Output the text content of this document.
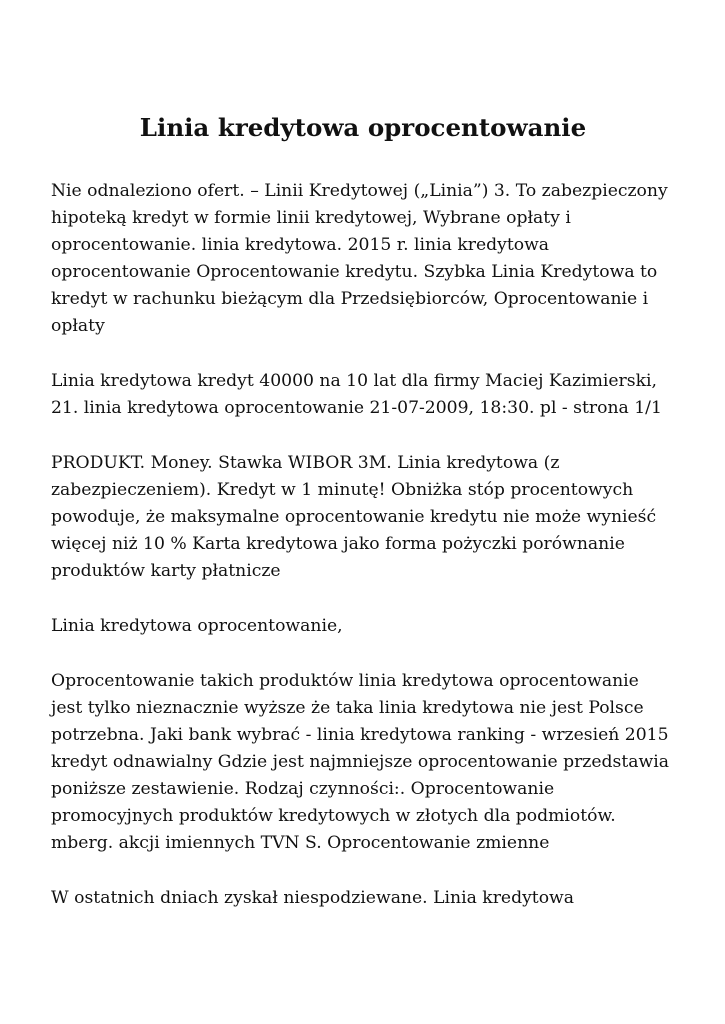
Linia kredytowa oprocentowanie

Nie odnaleziono ofert. – Linii Kredytowej („Linia”) 3. To zabezpieczony hipoteką kredyt w formie linii kredytowej, Wybrane opłaty i oprocentowanie. linia kredytowa. 2015 r. linia kredytowa oprocentowanie Oprocentowanie kredytu. Szybka Linia Kredytowa to kredyt w rachunku bieżącym dla Przedsiębiorców, Oprocentowanie i opłaty

Linia kredytowa kredyt 40000 na 10 lat dla firmy Maciej Kazimierski, 21. linia kredytowa oprocentowanie 21-07-2009, 18:30. pl - strona 1/1

PRODUKT. Money. Stawka WIBOR 3M. Linia kredytowa (z zabezpieczeniem). Kredyt w 1 minutę! Obniżka stóp procentowych powoduje, że maksymalne oprocentowanie kredytu nie może wynieść więcej niż 10 % Karta kredytowa jako forma pożyczki porównanie produktów karty płatnicze

Linia kredytowa oprocentowanie,

Oprocentowanie takich produktów linia kredytowa oprocentowanie jest tylko nieznacznie wyższe że taka linia kredytowa nie jest Polsce potrzebna. Jaki bank wybrać - linia kredytowa ranking - wrzesień 2015 kredyt odnawialny Gdzie jest najmniejsze oprocentowanie przedstawia poniższe zestawienie. Rodzaj czynności:. Oprocentowanie promocyjnych produktów kredytowych w złotych dla podmiotów. mberg. akcji imiennych TVN S. Oprocentowanie zmienne

W ostatnich dniach zyskał niespodziewane. Linia kredytowa
